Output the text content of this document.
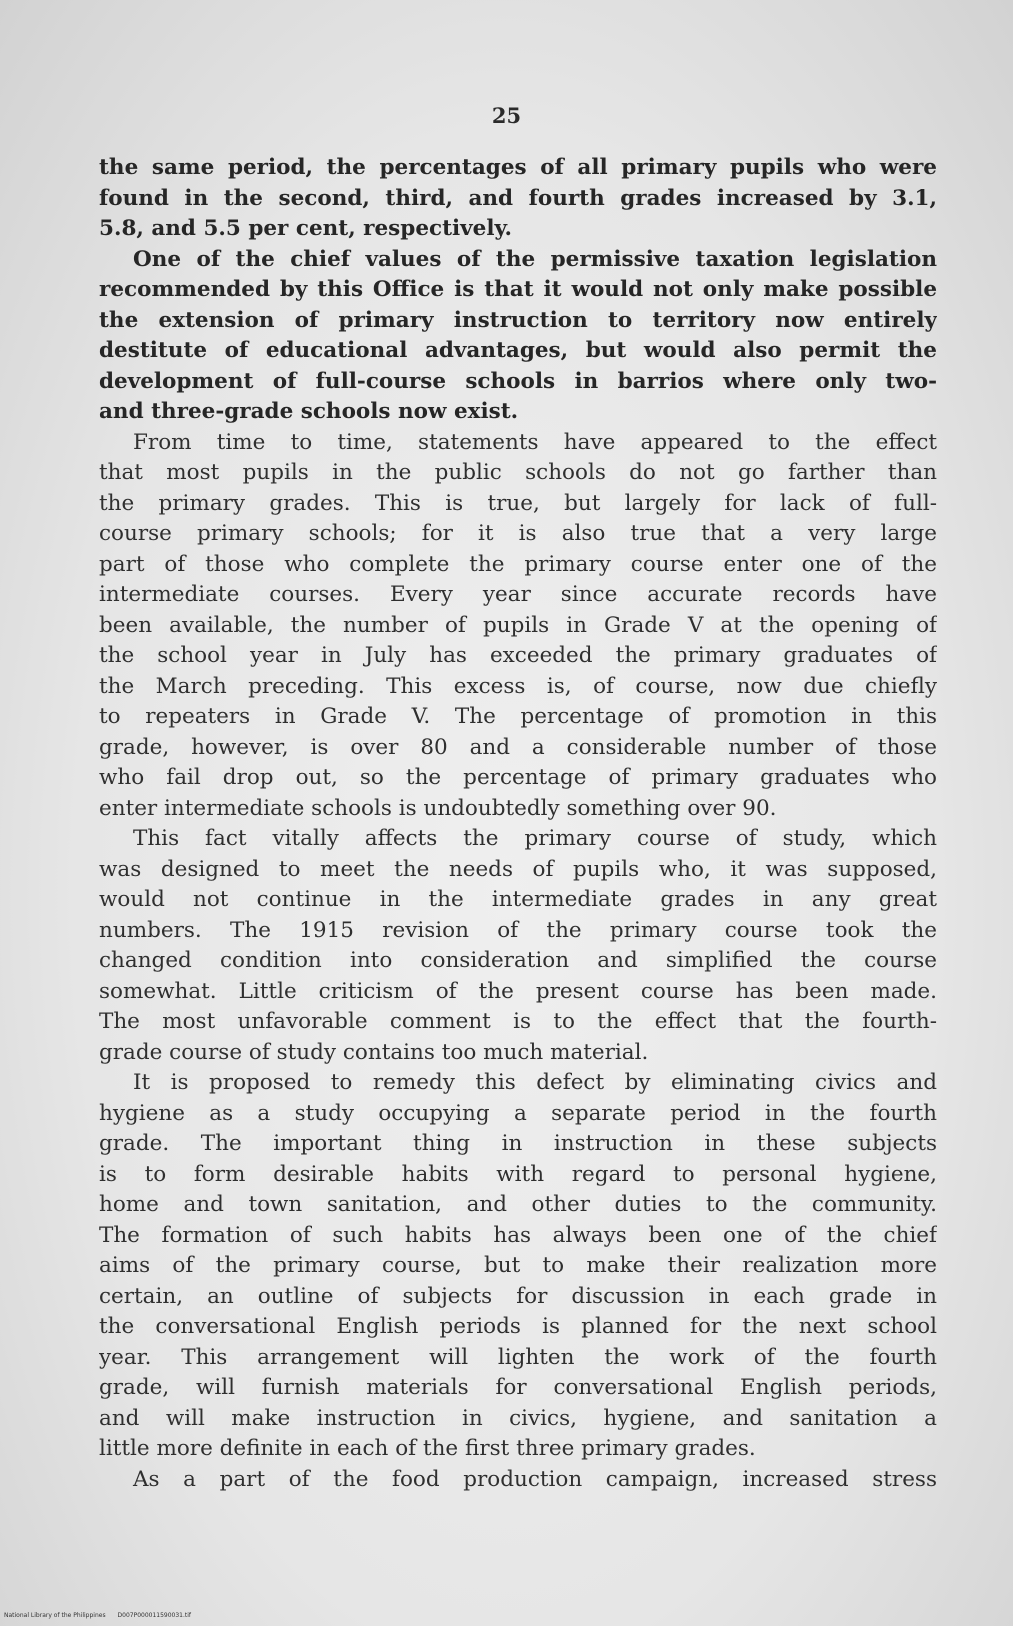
25
the same period, the percentages of all primary pupils who were
found in the second, third, and fourth grades increased by 3.1,
5.8, and 5.5 per cent, respectively.
One of the chief values of the permissive taxation legislation
recommended by this Office is that it would not only make possible
the extension of primary instruction to territory now entirely
destitute of educational advantages, but would also permit the
development of full-course schools in barrios where only two-
and three-grade schools now exist.
From time to time, statements have appeared to the effect
that most pupils in the public schools do not go farther than
the primary grades. This is true, but largely for lack of full-
course primary schools; for it is also true that a very large
part of those who complete the primary course enter one of the
intermediate courses. Every year since accurate records have
been available, the number of pupils in Grade V at the opening of
the school year in July has exceeded the primary graduates of
the March preceding. This excess is, of course, now due chiefly
to repeaters in Grade V. The percentage of promotion in this
grade, however, is over 80 and a considerable number of those
who fail drop out, so the percentage of primary graduates who
enter intermediate schools is undoubtedly something over 90.
This fact vitally affects the primary course of study, which
was designed to meet the needs of pupils who, it was supposed,
would not continue in the intermediate grades in any great
numbers. The 1915 revision of the primary course took the
changed condition into consideration and simplified the course
somewhat. Little criticism of the present course has been made.
The most unfavorable comment is to the effect that the fourth-
grade course of study contains too much material.
It is proposed to remedy this defect by eliminating civics and
hygiene as a study occupying a separate period in the fourth
grade. The important thing in instruction in these subjects
is to form desirable habits with regard to personal hygiene,
home and town sanitation, and other duties to the community.
The formation of such habits has always been one of the chief
aims of the primary course, but to make their realization more
certain, an outline of subjects for discussion in each grade in
the conversational English periods is planned for the next school
year. This arrangement will lighten the work of the fourth
grade, will furnish materials for conversational English periods,
and will make instruction in civics, hygiene, and sanitation a
little more definite in each of the first three primary grades.
As a part of the food production campaign, increased stress
National Library of the Philippines D007P000011590031.tif
